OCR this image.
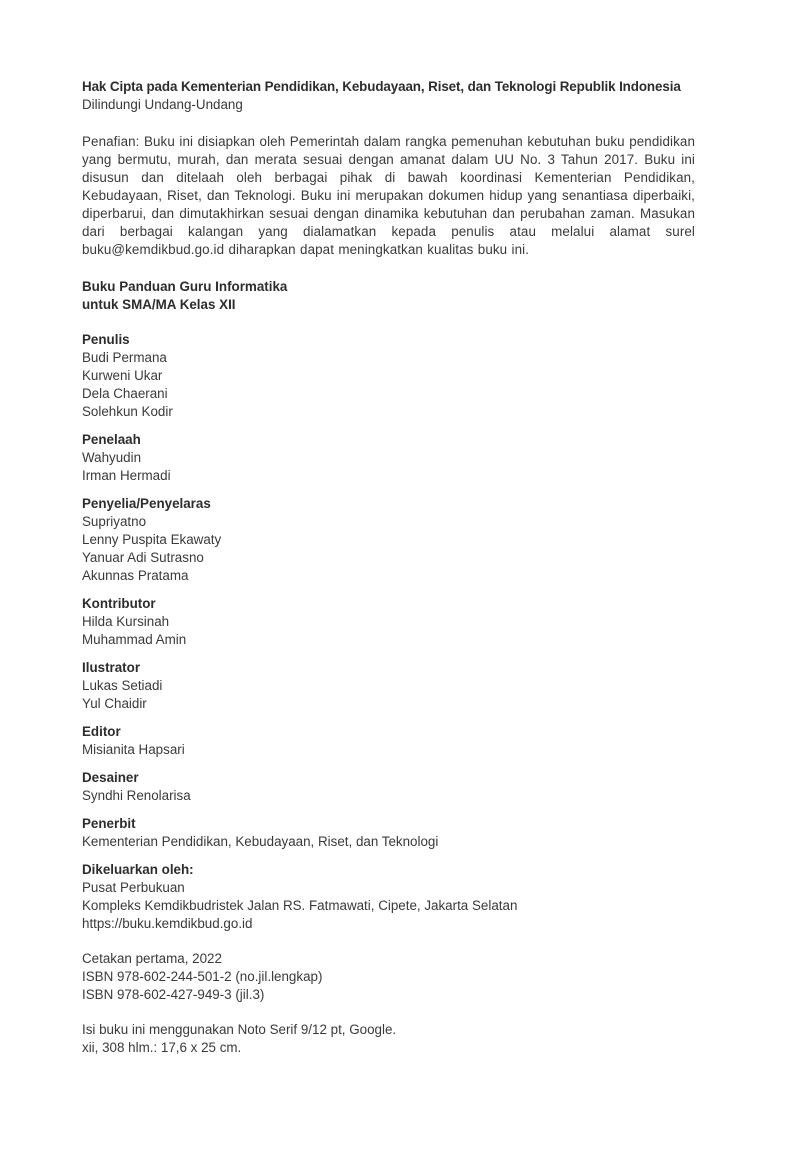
Hak Cipta pada Kementerian Pendidikan, Kebudayaan, Riset, dan Teknologi Republik Indonesia
Dilindungi Undang-Undang

Penafian: Buku ini disiapkan oleh Pemerintah dalam rangka pemenuhan kebutuhan buku pendidikan yang bermutu, murah, dan merata sesuai dengan amanat dalam UU No. 3 Tahun 2017. Buku ini disusun dan ditelaah oleh berbagai pihak di bawah koordinasi Kementerian Pendidikan, Kebudayaan, Riset, dan Teknologi. Buku ini merupakan dokumen hidup yang senantiasa diperbaiki, diperbarui, dan dimutakhirkan sesuai dengan dinamika kebutuhan dan perubahan zaman. Masukan dari berbagai kalangan yang dialamatkan kepada penulis atau melalui alamat surel buku@kemdikbud.go.id diharapkan dapat meningkatkan kualitas buku ini.

Buku Panduan Guru Informatika
untuk SMA/MA Kelas XII
Penulis
Budi Permana
Kurweni Ukar
Dela Chaerani
Solehkun Kodir
Penelaah
Wahyudin
Irman Hermadi
Penyelia/Penyelaras
Supriyatno
Lenny Puspita Ekawaty
Yanuar Adi Sutrasno
Akunnas Pratama
Kontributor
Hilda Kursinah
Muhammad Amin
Ilustrator
Lukas Setiadi
Yul Chaidir
Editor
Misianita Hapsari
Desainer
Syndhi Renolarisa
Penerbit
Kementerian Pendidikan, Kebudayaan, Riset, dan Teknologi
Dikeluarkan oleh:
Pusat Perbukuan
Kompleks Kemdikbudristek Jalan RS. Fatmawati, Cipete, Jakarta Selatan
https://buku.kemdikbud.go.id
Cetakan pertama, 2022
ISBN 978-602-244-501-2 (no.jil.lengkap)
ISBN 978-602-427-949-3 (jil.3)
Isi buku ini menggunakan Noto Serif 9/12 pt, Google.
xii, 308 hlm.: 17,6 x 25 cm.
